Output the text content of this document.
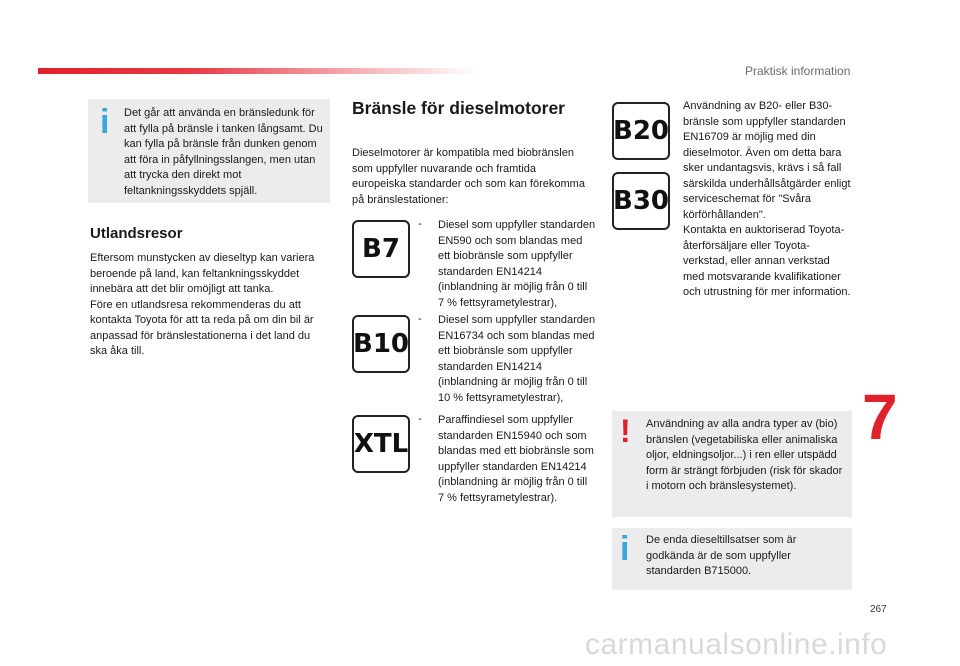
Praktisk information
i Det går att använda en bränsledunk för att fylla på bränsle i tanken långsamt. Du kan fylla på bränsle från dunken genom att föra in påfyllningsslangen, men utan att trycka den direkt mot feltankningsskyddets spjäll.
Utlandsresor
Eftersom munstycken av dieseltyp kan variera beroende på land, kan feltankningsskyddet innebära att det blir omöjligt att tanka.
Före en utlandsresa rekommenderas du att kontakta Toyota för att ta reda på om din bil är anpassad för bränslestationerna i det land du ska åka till.
Bränsle för dieselmotorer
Dieselmotorer är kompatibla med biobränslen som uppfyller nuvarande och framtida europeiska standarder och som kan förekomma på bränslestationer:
B7
- Diesel som uppfyller standarden EN590 och som blandas med ett biobränsle som uppfyller standarden EN14214 (inblandning är möjlig från 0 till 7 % fettsyrametylestrar),
B10
- Diesel som uppfyller standarden EN16734 och som blandas med ett biobränsle som uppfyller standarden EN14214 (inblandning är möjlig från 0 till 10 % fettsyrametylestrar),
XTL
- Paraffindiesel som uppfyller standarden EN15940 och som blandas med ett biobränsle som uppfyller standarden EN14214 (inblandning är möjlig från 0 till 7 % fettsyrametylestrar).
B20
B30
Användning av B20- eller B30-bränsle som uppfyller standarden EN16709 är möjlig med din dieselmotor. Även om detta bara sker undantagsvis, krävs i så fall särskilda underhållsåtgärder enligt serviceschemat för "Svåra körförhållanden".
Kontakta en auktoriserad Toyota-återförsäljare eller Toyota-verkstad, eller annan verkstad med motsvarande kvalifikationer och utrustning för mer information.
! Användning av alla andra typer av (bio) bränslen (vegetabiliska eller animaliska oljor, eldningsoljor...) i ren eller utspädd form är strängt förbjuden (risk för skador i motorn och bränslesystemet).
i De enda dieseltillsatser som är godkända är de som uppfyller standarden B715000.
7
267
carmanualsonline.info
